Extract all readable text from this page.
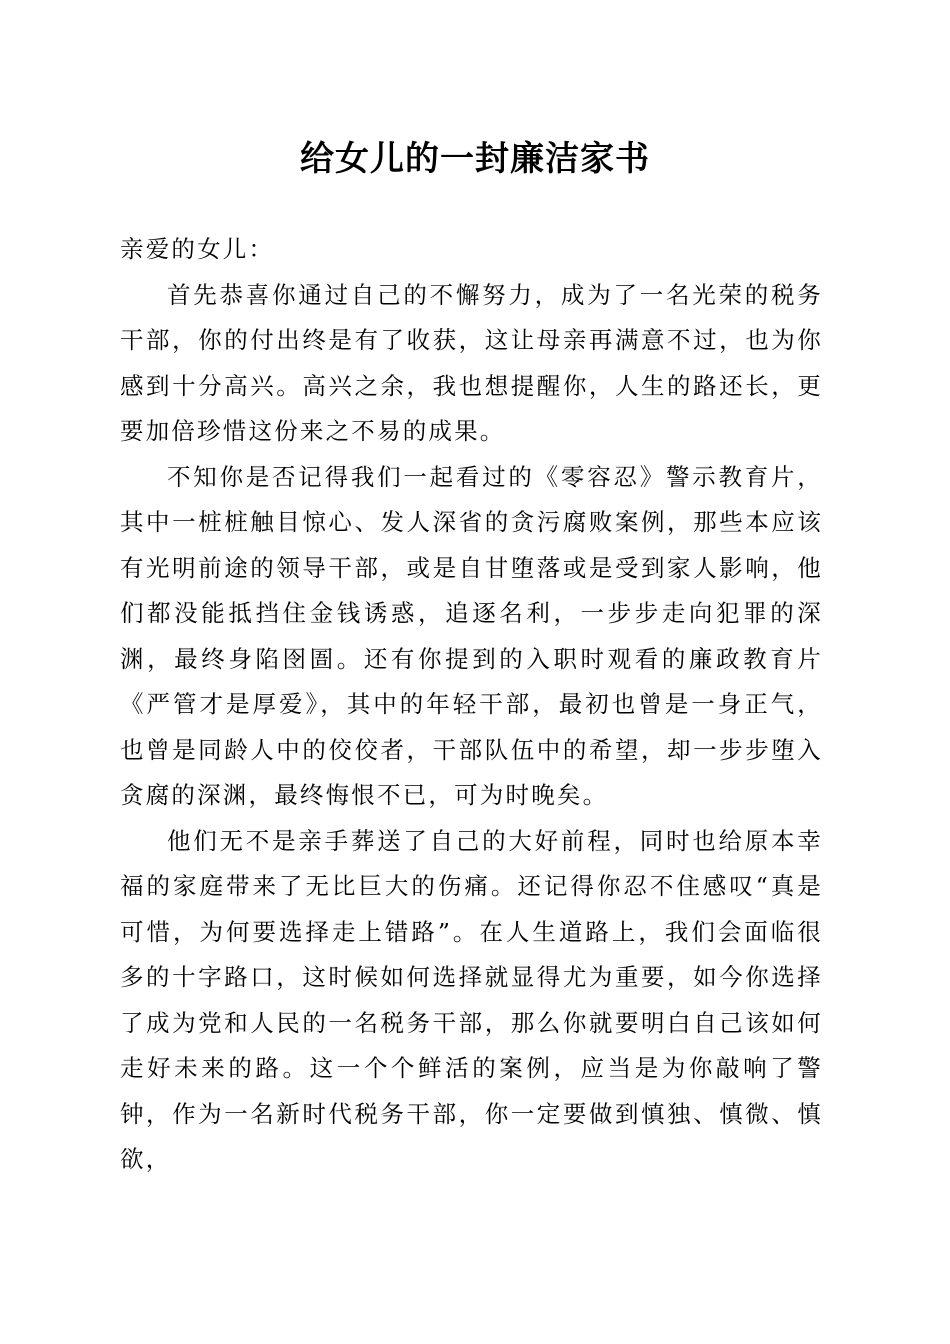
给女儿的一封廉洁家书

亲爱的女儿：

首先恭喜你通过自己的不懈努力，成为了一名光荣的税务干部，你的付出终是有了收获，这让母亲再满意不过，也为你感到十分高兴。高兴之余，我也想提醒你，人生的路还长，更要加倍珍惜这份来之不易的成果。

不知你是否记得我们一起看过的《零容忍》警示教育片，其中一桩桩触目惊心、发人深省的贪污腐败案例，那些本应该有光明前途的领导干部，或是自甘堕落或是受到家人影响，他们都没能抵挡住金钱诱惑，追逐名利，一步步走向犯罪的深渊，最终身陷囹圄。还有你提到的入职时观看的廉政教育片《严管才是厚爱》，其中的年轻干部，最初也曾是一身正气，也曾是同龄人中的佼佼者，干部队伍中的希望，却一步步堕入贪腐的深渊，最终悔恨不已，可为时晚矣。

他们无不是亲手葬送了自己的大好前程，同时也给原本幸福的家庭带来了无比巨大的伤痛。还记得你忍不住感叹“真是可惜，为何要选择走上错路”。在人生道路上，我们会面临很多的十字路口，这时候如何选择就显得尤为重要，如今你选择了成为党和人民的一名税务干部，那么你就要明白自己该如何走好未来的路。这一个个鲜活的案例，应当是为你敲响了警钟，作为一名新时代税务干部，你一定要做到慎独、慎微、慎欲，
